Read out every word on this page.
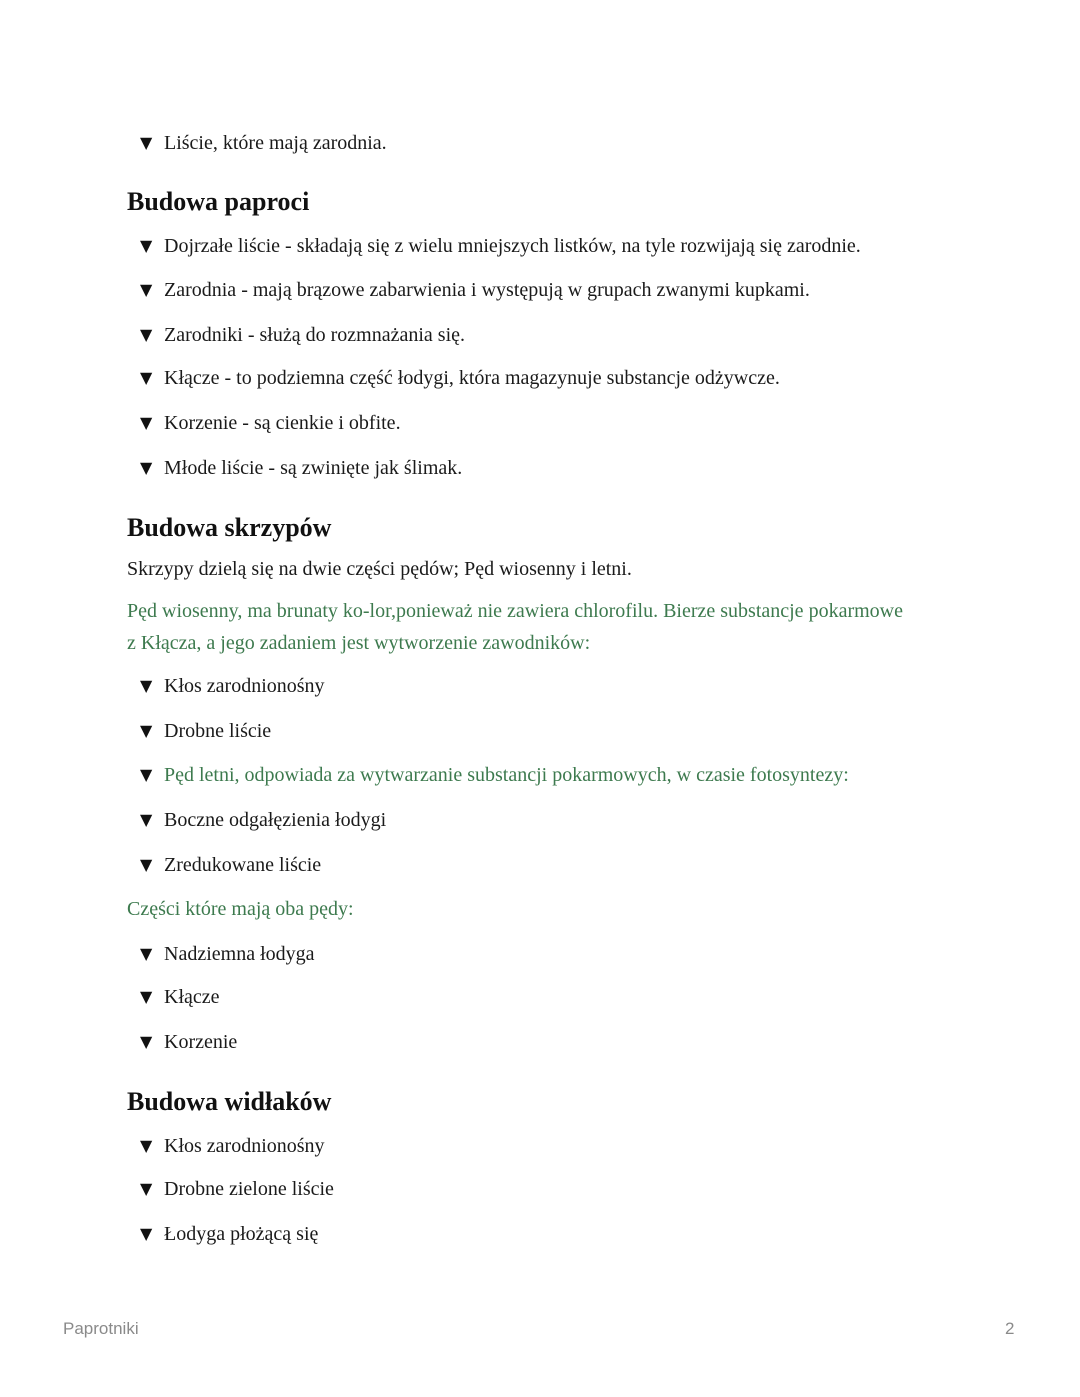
▼ Liście, które mają zarodnia.
Budowa paproci
▼ Dojrzałe liście - składają się z wielu mniejszych listków, na tyle rozwijają się zarodnie.
▼ Zarodnia - mają brązowe zabarwienia i występują w grupach zwanymi kupkami.
▼ Zarodniki - służą do rozmnażania się.
▼ Kłącze - to podziemna część łodygi, która magazynuje substancje odżywcze.
▼ Korzenie - są cienkie i obfite.
▼ Młode liście - są zwinięte jak ślimak.
Budowa skrzypów
Skrzypy dzielą się na dwie części pędów; Pęd wiosenny i letni.
Pęd wiosenny, ma brunaty ko-lor,ponieważ nie zawiera chlorofilu. Bierze substancje pokarmowe
z Kłącza, a jego zadaniem jest wytworzenie zawodników:
▼ Kłos zarodnionośny
▼ Drobne liście
▼ Pęd letni, odpowiada za wytwarzanie substancji pokarmowych, w czasie fotosyntezy:
▼ Boczne odgałęzienia łodygi
▼ Zredukowane liście
Części które mają oba pędy:
▼ Nadziemna łodyga
▼ Kłącze
▼ Korzenie
Budowa widłaków
▼ Kłos zarodnionośny
▼ Drobne zielone liście
▼ Łodyga płożącą się
Paprotniki	2
